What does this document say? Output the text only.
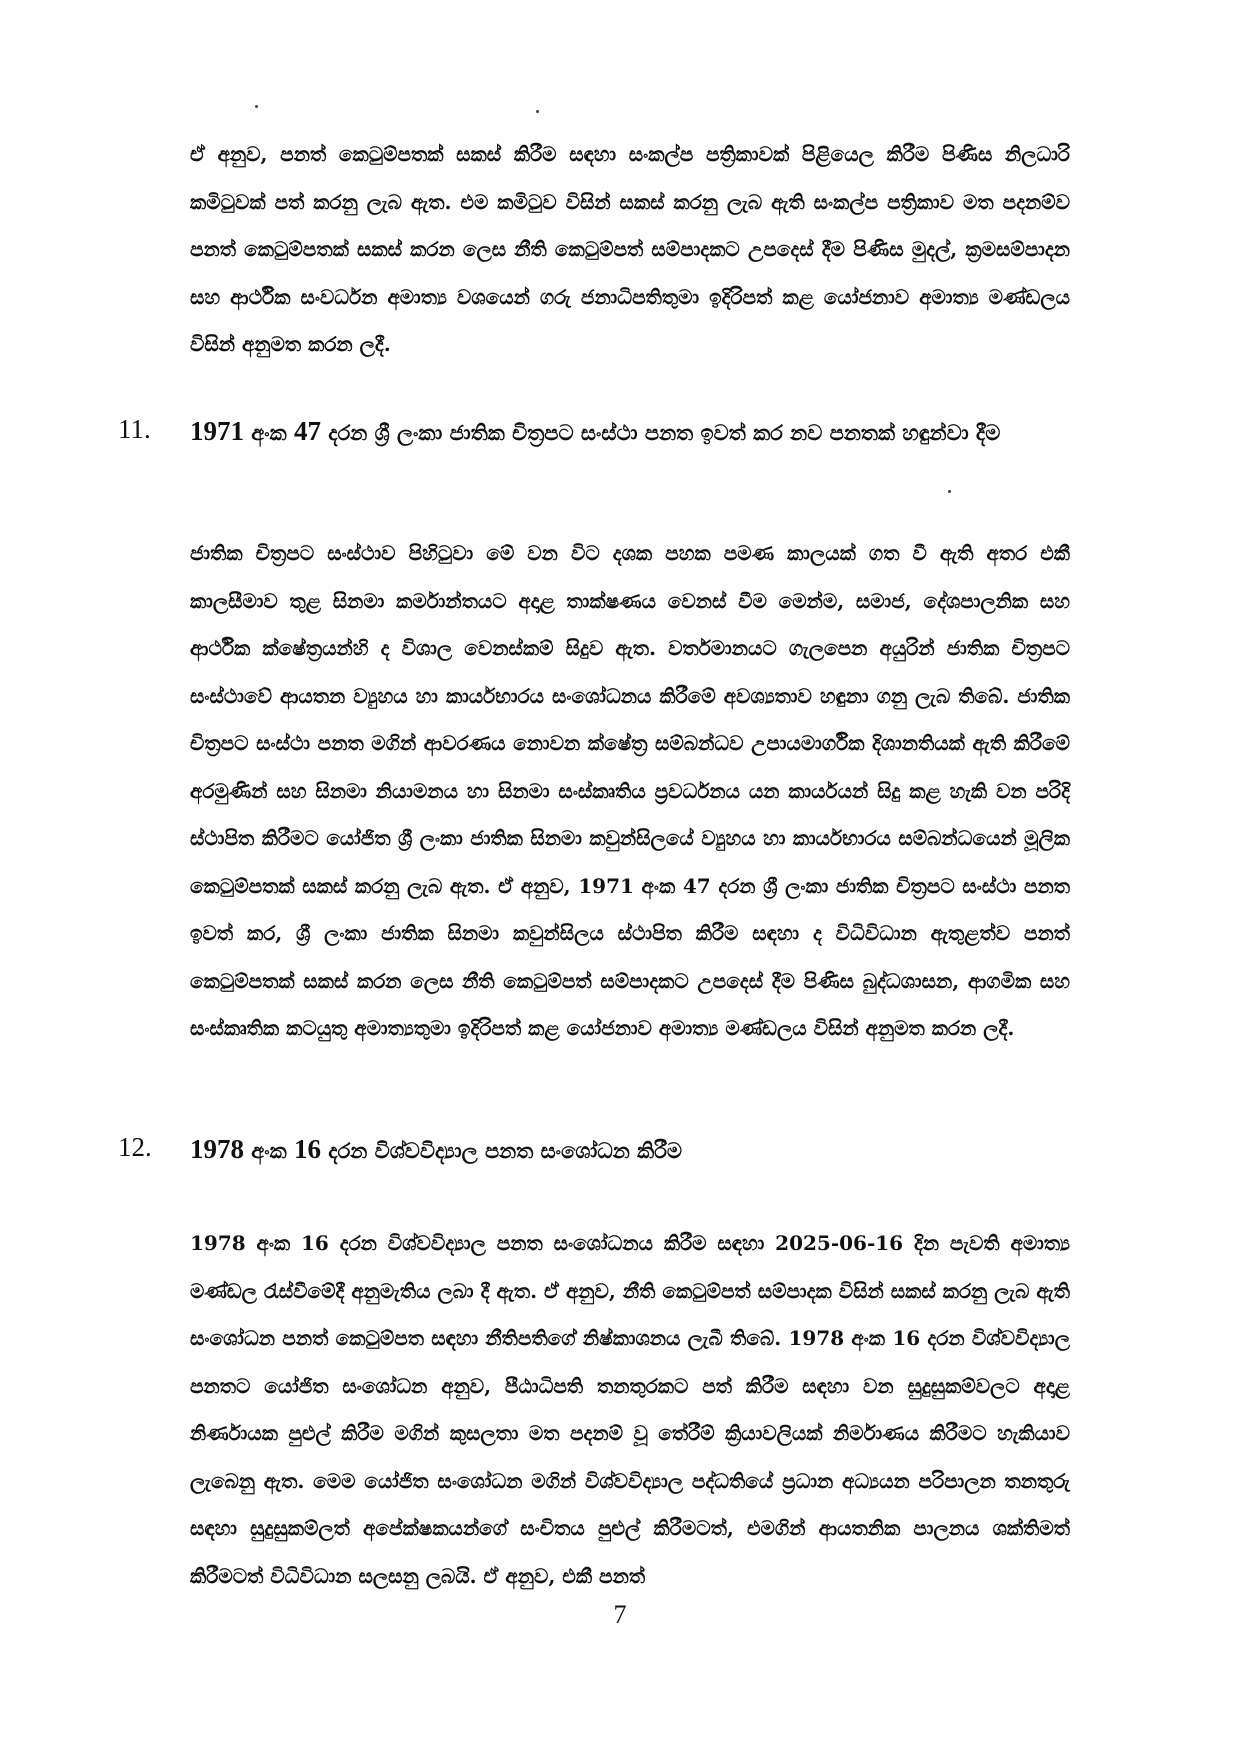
ඒ අනුව, පනත් කෙටුම්පතක් සකස් කිරීම සඳහා සංකල්ප පත්‍රිකාවක් පිළියෙල කිරීම පිණිස නිලධාරි කමිටුවක් පත් කරනු ලැබ ඇත. එම කමිටුව විසින් සකස් කරනු ලැබ ඇති සංකල්ප පත්‍රිකාව මත පදනම්ව පනත් කෙටුම්පතක් සකස් කරන ලෙස නීති කෙටුම්පත් සම්පාදකට උපදෙස් දීම පිණිස මුදල්, ක්‍රමසම්පාදන සහ ආර්ථික සංවර්ධන අමාත්‍ය වශයෙන් ගරු ජනාධිපතිතුමා ඉදිරිපත් කළ යෝජනාව අමාත්‍ය මණ්ඩලය විසින් අනුමත කරන ලදී.

11. 1971 අංක 47 දරන ශ්‍රී ලංකා ජාතික චිත්‍රපට සංස්ථා පනත ඉවත් කර නව පනතක් හඳුන්වා දීම

ජාතික චිත්‍රපට සංස්ථාව පිහිටුවා මේ වන විට දශක පහක පමණ කාලයක් ගත වී ඇති අතර එකී කාලසීමාව තුළ සිනමා කර්මාන්තයට අදාළ තාක්ෂණය වෙනස් වීම මෙන්ම, සමාජ, දේශපාලනික සහ ආර්ථික ක්ෂේත්‍රයන්හි ද විශාල වෙනස්කම් සිදුව ඇත. වර්තමානයට ගැලපෙන අයුරින් ජාතික චිත්‍රපට සංස්ථාවේ ආයතන ව්‍යුහය හා කාර්යභාරය සංශෝධනය කිරීමේ අවශ්‍යතාව හඳුනා ගනු ලැබ තිබේ. ජාතික චිත්‍රපට සංස්ථා පනත මගින් ආවරණය නොවන ක්ෂේත්‍ර සම්බන්ධව උපායමාර්ගික දිශානතියක් ඇති කිරීමේ අරමුණින් සහ සිනමා නියාමනය හා සිනමා සංස්කෘතිය ප්‍රවර්ධනය යන කාර්යයන් සිදු කළ හැකි වන පරිදි ස්ථාපිත කිරීමට යෝජිත ශ්‍රී ලංකා ජාතික සිනමා කවුන්සිලයේ ව්‍යුහය හා කාර්යභාරය සම්බන්ධයෙන් මූලික කෙටුම්පතක් සකස් කරනු ලැබ ඇත. ඒ අනුව, 1971 අංක 47 දරන ශ්‍රී ලංකා ජාතික චිත්‍රපට සංස්ථා පනත ඉවත් කර, ශ්‍රී ලංකා ජාතික සිනමා කවුන්සිලය ස්ථාපිත කිරීම සඳහා ද විධිවිධාන ඇතුළත්ව පනත් කෙටුම්පතක් සකස් කරන ලෙස නීති කෙටුම්පත් සම්පාදකට උපදෙස් දීම පිණිස බුද්ධශාසන, ආගමික සහ සංස්කෘතික කටයුතු අමාත්‍යතුමා ඉදිරිපත් කළ යෝජනාව අමාත්‍ය මණ්ඩලය විසින් අනුමත කරන ලදී.

12. 1978 අංක 16 දරන විශ්වවිද්‍යාල පනත සංශෝධන කිරීම

1978 අංක 16 දරන විශ්වවිද්‍යාල පනත සංශෝධනය කිරීම සඳහා 2025-06-16 දින පැවති අමාත්‍ය මණ්ඩල රැස්වීමේදී අනුමැතිය ලබා දී ඇත. ඒ අනුව, නීති කෙටුම්පත් සම්පාදක විසින් සකස් කරනු ලැබ ඇති සංශෝධන පනත් කෙටුම්පත සඳහා නීතිපතිගේ නිෂ්කාශනය ලැබී තිබේ. 1978 අංක 16 දරන විශ්වවිද්‍යාල පනතට යෝජිත සංශෝධන අනුව, පීඨාධිපති තනතුරකට පත් කිරීම සඳහා වන සුදුසුකම්වලට අදාළ නිර්ණායක පුළුල් කිරීම මගින් කුසලතා මත පදනම් වූ තේරීම් ක්‍රියාවලියක් නිර්මාණය කිරීමට හැකියාව ලැබෙනු ඇත. මෙම යෝජිත සංශෝධන මගින් විශ්වවිද්‍යාල පද්ධතියේ ප්‍රධාන අධ්‍යයන පරිපාලන තනතුරු සඳහා සුදුසුකම්ලත් අපේක්ෂකයන්ගේ සංචිතය පුළුල් කිරීමටත්, එමගින් ආයතනික පාලනය ශක්තිමත් කිරීමටත් විධිවිධාන සලසනු ලබයි. ඒ අනුව, එකී පනත්

7
